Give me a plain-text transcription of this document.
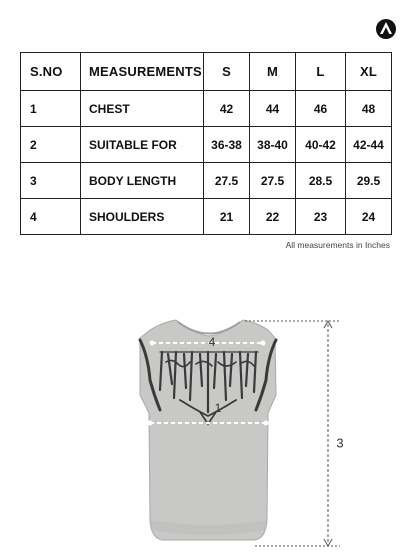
S.NO	MEASUREMENTS	S	M	L	XL
1	CHEST	42	44	46	48
2	SUITABLE FOR	36-38	38-40	40-42	42-44
3	BODY LENGTH	27.5	27.5	28.5	29.5
4	SHOULDERS	21	22	23	24
All measurements in Inches
4
1
3
